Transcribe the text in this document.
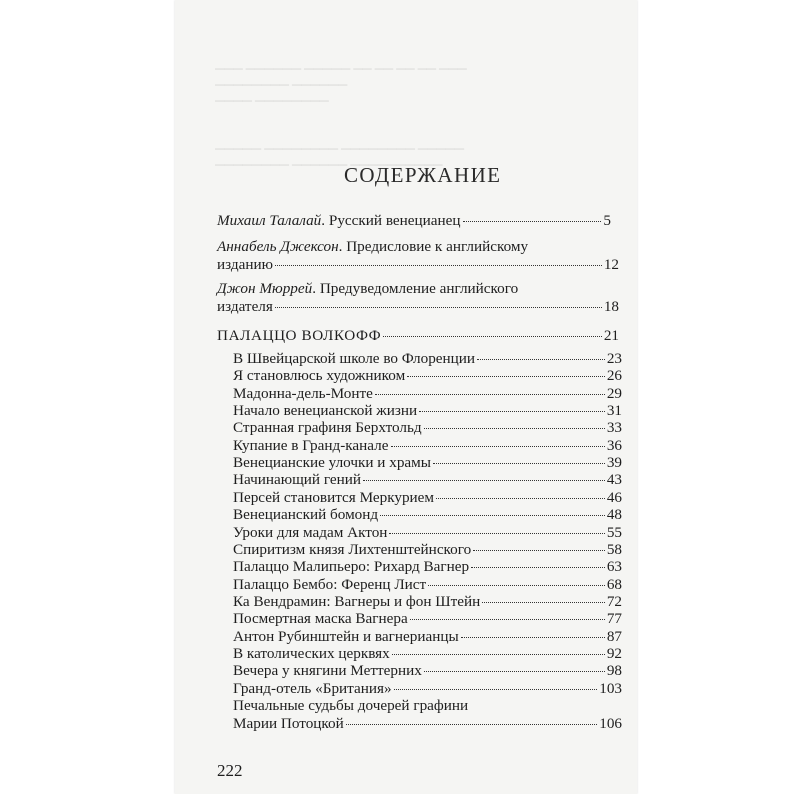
▁▁▁ ▁▁▁▁▁▁ ▁▁▁▁▁ ▁▁ ▁▁ ▁▁ ▁▁ ▁▁▁
▁▁▁▁▁▁▁▁ ▁▁▁▁▁▁
▁▁▁▁ ▁▁▁▁▁▁▁▁

▁▁▁▁▁ ▁▁▁▁▁▁▁▁ ▁▁▁▁▁▁▁▁ ▁▁▁▁▁
▁▁▁▁▁▁▁▁ ▁▁▁▁▁▁ ▁▁▁▁▁▁▁▁▁▁
СОДЕРЖАНИЕ
Михаил Талалай. Русский венецианец	5
Аннабель Джексон. Предисловие к английскому
изданию	12
Джон Мюррей. Предуведомление английского
издателя	18
ПАЛАЦЦО ВОЛКОФФ	21
В Швейцарской школе во Флоренции	23
Я становлюсь художником	26
Мадонна-дель-Монте	29
Начало венецианской жизни	31
Странная графиня Берхтольд	33
Купание в Гранд-канале	36
Венецианские улочки и храмы	39
Начинающий гений	43
Персей становится Меркурием	46
Венецианский бомонд	48
Уроки для мадам Актон	55
Спиритизм князя Лихтенштейнского	58
Палаццо Малипьеро: Рихард Вагнер	63
Палаццо Бембо: Ференц Лист	68
Ка Вендрамин: Вагнеры и фон Штейн	72
Посмертная маска Вагнера	77
Антон Рубинштейн и вагнерианцы	87
В католических церквях	92
Вечера у княгини Меттерних	98
Гранд-отель «Британия»	103
Печальные судьбы дочерей графини
Марии Потоцкой	106
222
